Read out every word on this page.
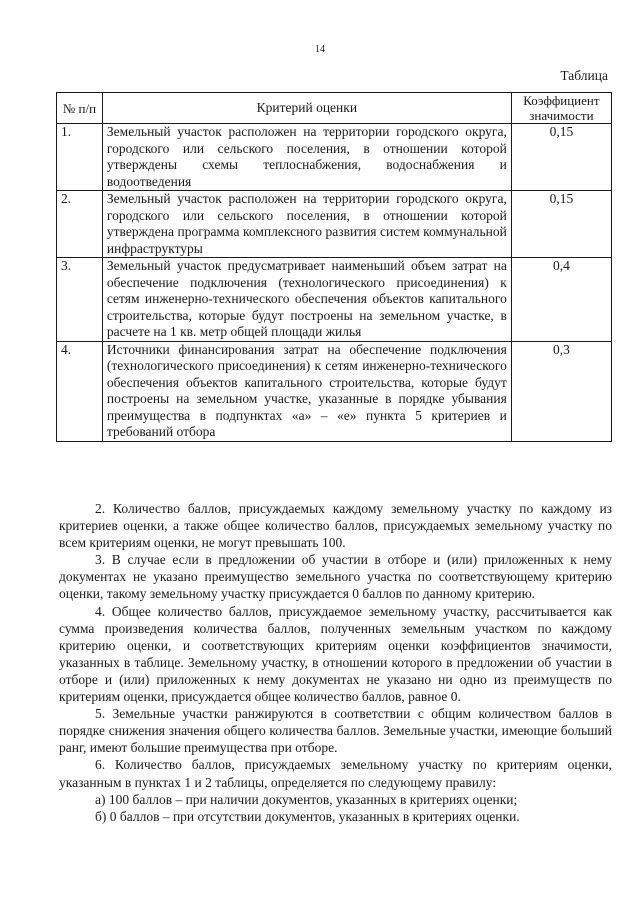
14
Таблица
№ п/п	Критерий оценки	Коэффициент значимости
1.	Земельный участок расположен на территории городского округа, городского или сельского поселения, в отношении которой утверждены схемы теплоснабжения, водоснабжения и водоотведения	0,15
2.	Земельный участок расположен на территории городского округа, городского или сельского поселения, в отношении которой утверждена программа комплексного развития систем коммунальной инфраструктуры	0,15
3.	Земельный участок предусматривает наименьший объем затрат на обеспечение подключения (технологического присоединения) к сетям инженерно-технического обеспечения объектов капитального строительства, которые будут построены на земельном участке, в расчете на 1 кв. метр общей площади жилья	0,4
4.	Источники финансирования затрат на обеспечение подключения (технологического присоединения) к сетям инженерно-технического обеспечения объектов капитального строительства, которые будут построены на земельном участке, указанные в порядке убывания преимущества в подпунктах «а» – «е» пункта 5 критериев и требований отбора	0,3

2. Количество баллов, присуждаемых каждому земельному участку по каждому из критериев оценки, а также общее количество баллов, присуждаемых земельному участку по всем критериям оценки, не могут превышать 100.

3. В случае если в предложении об участии в отборе и (или) приложенных к нему документах не указано преимущество земельного участка по соответствующему критерию оценки, такому земельному участку присуждается 0 баллов по данному критерию.

4. Общее количество баллов, присуждаемое земельному участку, рассчитывается как сумма произведения количества баллов, полученных земельным участком по каждому критерию оценки, и соответствующих критериям оценки коэффициентов значимости, указанных в таблице. Земельному участку, в отношении которого в предложении об участии в отборе и (или) приложенных к нему документах не указано ни одно из преимуществ по критериям оценки, присуждается общее количество баллов, равное 0.

5. Земельные участки ранжируются в соответствии с общим количеством баллов в порядке снижения значения общего количества баллов. Земельные участки, имеющие больший ранг, имеют большие преимущества при отборе.

6. Количество баллов, присуждаемых земельному участку по критериям оценки, указанным в пунктах 1 и 2 таблицы, определяется по следующему правилу:

а) 100 баллов – при наличии документов, указанных в критериях оценки;

б) 0 баллов – при отсутствии документов, указанных в критериях оценки.
